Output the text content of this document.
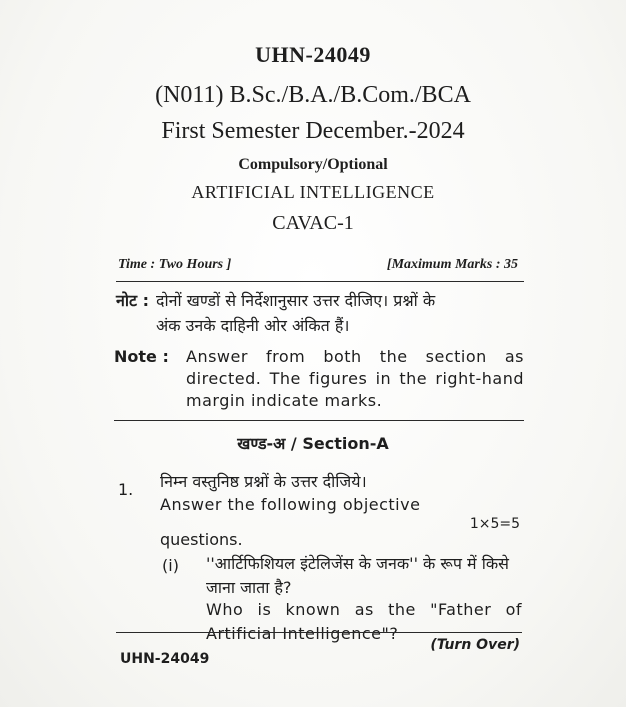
UHN-24049
(N011) B.Sc./B.A./B.Com./BCA
First Semester December.-2024
Compulsory/Optional
ARTIFICIAL INTELLIGENCE
CAVAC-1
Time : Two Hours ]	[Maximum Marks : 35
नोट : दोनों खण्डों से निर्देशानुसार उत्तर दीजिए। प्रश्नों के
अंक उनके दाहिनी ओर अंकित हैं।
Note :	Answer from both the section as directed. The figures in the right-hand margin indicate marks.
खण्ड-अ / Section-A
1. निम्न वस्तुनिष्ठ प्रश्नों के उत्तर दीजिये।
Answer the following objective
1×5=5
questions.
(i) ''आर्टिफिशियल इंटेलिजेंस के जनक'' के रूप में किसे जाना जाता है?
Who is known as the "Father of Artificial Intelligence"?
UHN-24049
(Turn Over)
